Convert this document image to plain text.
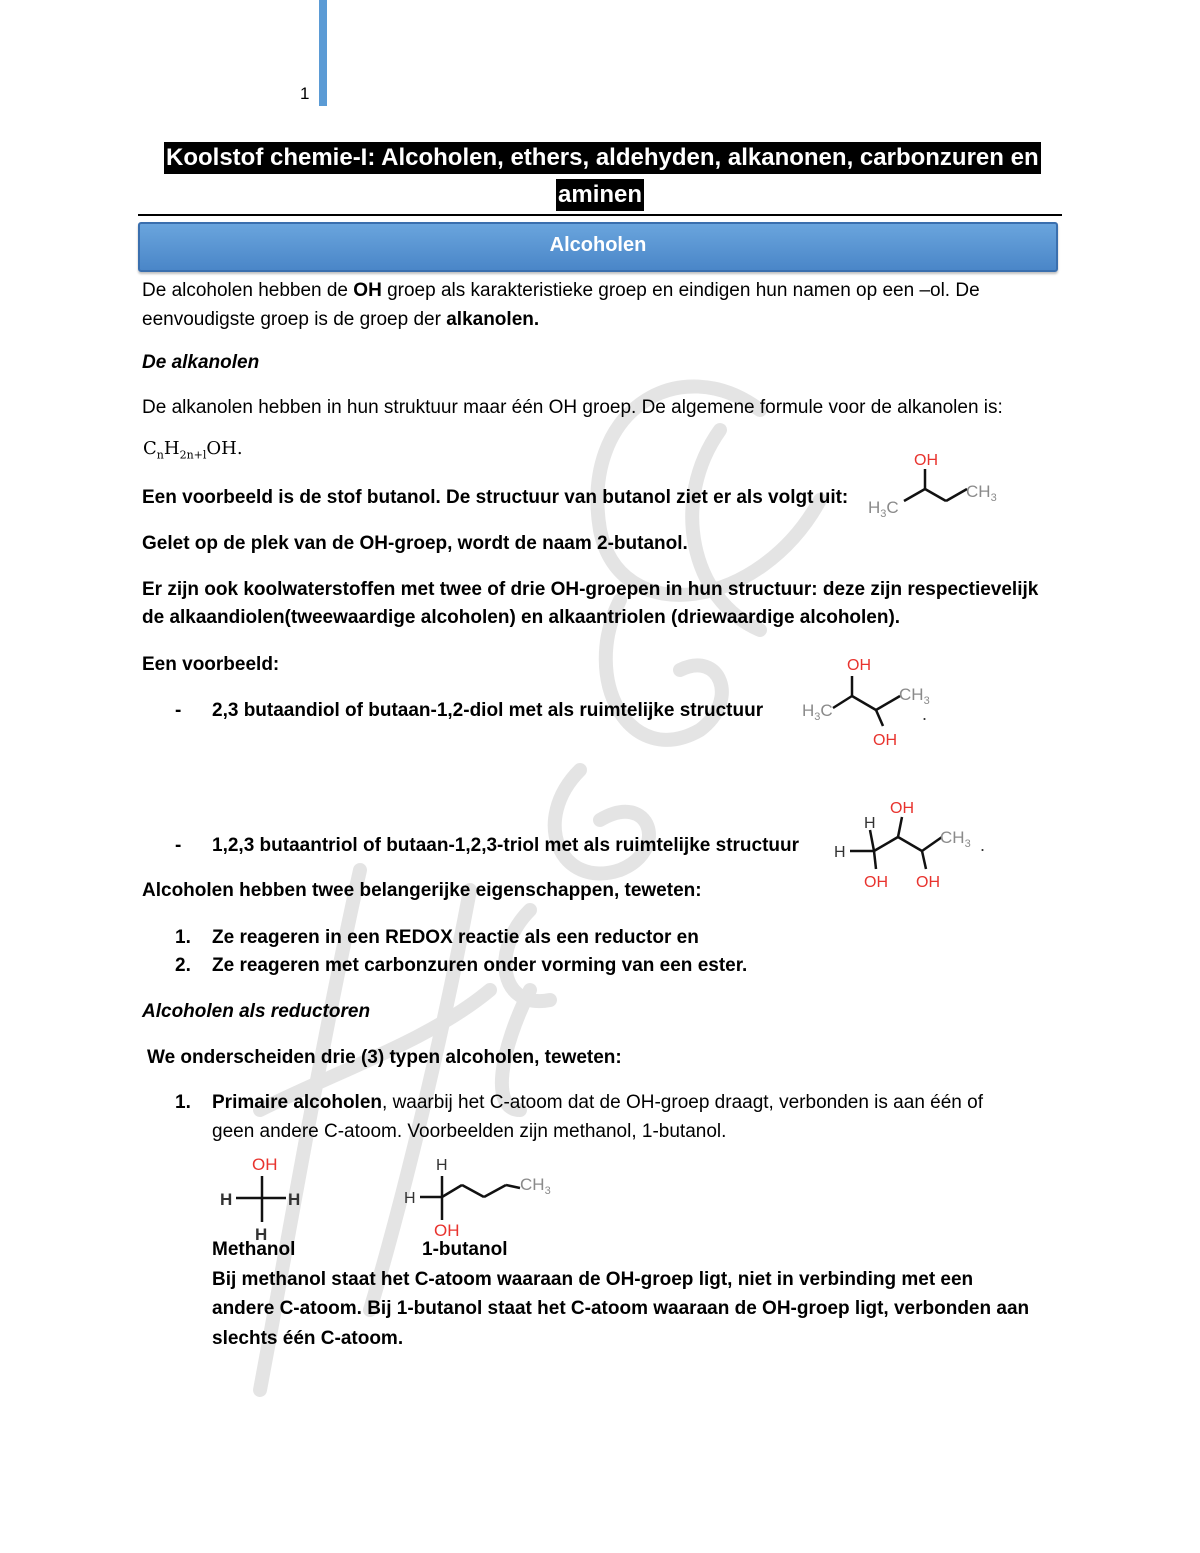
1
Koolstof chemie-I: Alcoholen, ethers, aldehyden, alkanonen, carbonzuren en
aminen
Alcoholen
De alcoholen hebben de OH groep als karakteristieke groep en eindigen hun namen op een –ol. De
eenvoudigste groep is de groep der alkanolen.
De alkanolen
De alkanolen hebben in hun struktuur maar één OH groep. De algemene formule voor de alkanolen is:
$C_nH_{2n+l}OH$.
Een voorbeeld is de stof butanol. De structuur van butanol ziet er als volgt uit:
OH
$H_3C$
$CH_3$
Gelet op de plek van de OH-groep, wordt de naam 2-butanol.
Er zijn ook koolwaterstoffen met twee of drie OH-groepen in hun structuur: deze zijn respectievelijk
de alkaandiolen(tweewaardige alcoholen) en alkaantriolen (driewaardige alcoholen).
Een voorbeeld:
- 2,3 butaandiol of butaan-1,2-diol met als ruimtelijke structuur
OH
OH
$H_3C$
$CH_3$
.
- 1,2,3 butaantriol of butaan-1,2,3-triol met als ruimtelijke structuur
H
H
OH
OH OH
$CH_3$ .
Alcoholen hebben twee belangerijke eigenschappen, teweten:
1. Ze reageren in een REDOX reactie als een reductor en
2. Ze reageren met carbonzuren onder vorming van een ester.
Alcoholen als reductoren
We onderscheiden drie (3) typen alcoholen, teweten:
1. Primaire alcoholen, waarbij het C-atoom dat de OH-groep draagt, verbonden is aan één of
geen andere C-atoom. Voorbeelden zijn methanol, 1-butanol.
OH
H	H
H
H
H
OH
$CH_3$
Methanol	1-butanol
Bij methanol staat het C-atoom waaraan de OH-groep ligt, niet in verbinding met een
andere C-atoom. Bij 1-butanol staat het C-atoom waaraan de OH-groep ligt, verbonden aan
slechts één C-atoom.
